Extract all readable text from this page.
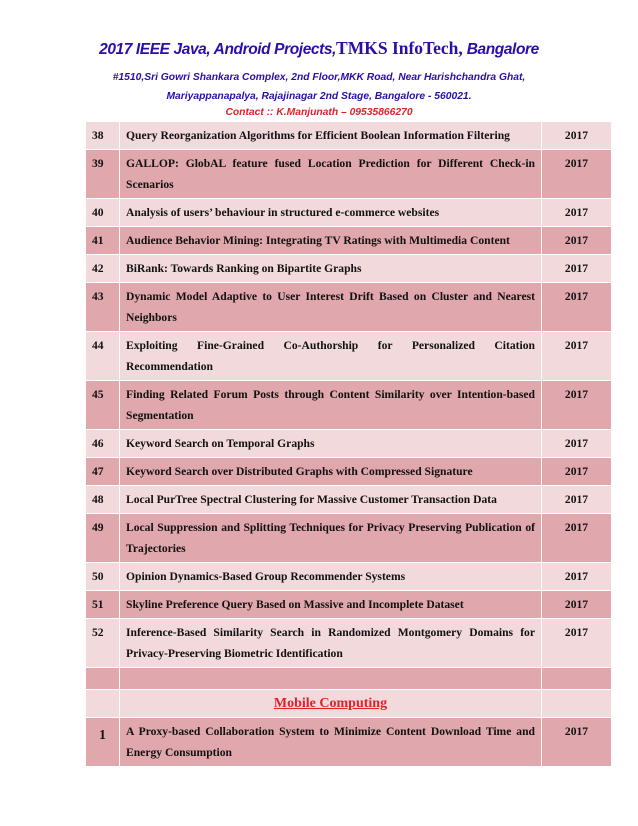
2017 IEEE Java, Android Projects,TMKS InfoTech, Bangalore
#1510,Sri Gowri Shankara Complex, 2nd Floor,MKK Road, Near Harishchandra Ghat,
Mariyappanapalya, Rajajinagar 2nd Stage, Bangalore - 560021.
Contact :: K.Manjunath – 09535866270
38	Query Reorganization Algorithms for Efficient Boolean Information Filtering	2017
39	GALLOP: GlobAL feature fused Location Prediction for Different Check-in Scenarios	2017
40	Analysis of users’ behaviour in structured e-commerce websites	2017
41	Audience Behavior Mining: Integrating TV Ratings with Multimedia Content	2017
42	BiRank: Towards Ranking on Bipartite Graphs	2017
43	Dynamic Model Adaptive to User Interest Drift Based on Cluster and Nearest Neighbors	2017
44	Exploiting Fine-Grained Co-Authorship for Personalized Citation Recommendation	2017
45	Finding Related Forum Posts through Content Similarity over Intention-based Segmentation	2017
46	Keyword Search on Temporal Graphs	2017
47	Keyword Search over Distributed Graphs with Compressed Signature	2017
48	Local PurTree Spectral Clustering for Massive Customer Transaction Data	2017
49	Local Suppression and Splitting Techniques for Privacy Preserving Publication of Trajectories	2017
50	Opinion Dynamics-Based Group Recommender Systems	2017
51	Skyline Preference Query Based on Massive and Incomplete Dataset	2017
52	Inference-Based Similarity Search in Randomized Montgomery Domains for Privacy-Preserving Biometric Identification	2017

	Mobile Computing	
1	A Proxy-based Collaboration System to Minimize Content Download Time and Energy Consumption	2017
